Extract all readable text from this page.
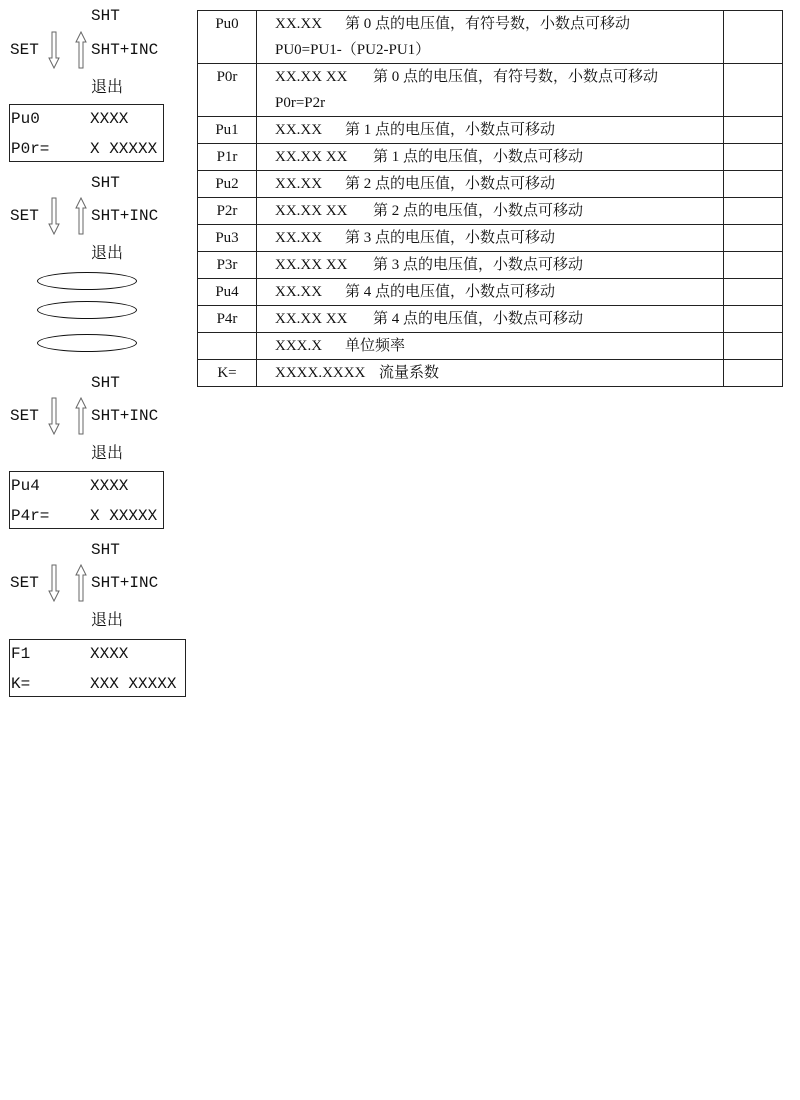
SHT
SET	SHT+INC
退出
Pu0	XXXX
P0r=	X XXXXX
SHT
SET	SHT+INC
退出
SHT
SET	SHT+INC
退出
Pu4	XXXX
P4r=	X XXXXX
SHT
SET	SHT+INC
退出
F1	XXXX
K=	XXX XXXXX
Pu0	XX.XX 第 0 点的电压值，有符号数，小数点可移动
PU0=PU1-（PU2-PU1）	

P0r	XX.XX XX 第 0 点的电压值，有符号数，小数点可移动
P0r=P2r	

Pu1	XX.XX 第 1 点的电压值，小数点可移动	
P1r	XX.XX XX 第 1 点的电压值，小数点可移动	
Pu2	XX.XX 第 2 点的电压值，小数点可移动	
P2r	XX.XX XX 第 2 点的电压值，小数点可移动	
Pu3	XX.XX 第 3 点的电压值，小数点可移动	
P3r	XX.XX XX 第 3 点的电压值，小数点可移动	
Pu4	XX.XX 第 4 点的电压值，小数点可移动	
P4r	XX.XX XX 第 4 点的电压值，小数点可移动	
	XXX.X 单位频率	
K=	XXXX.XXXX 流量系数	
